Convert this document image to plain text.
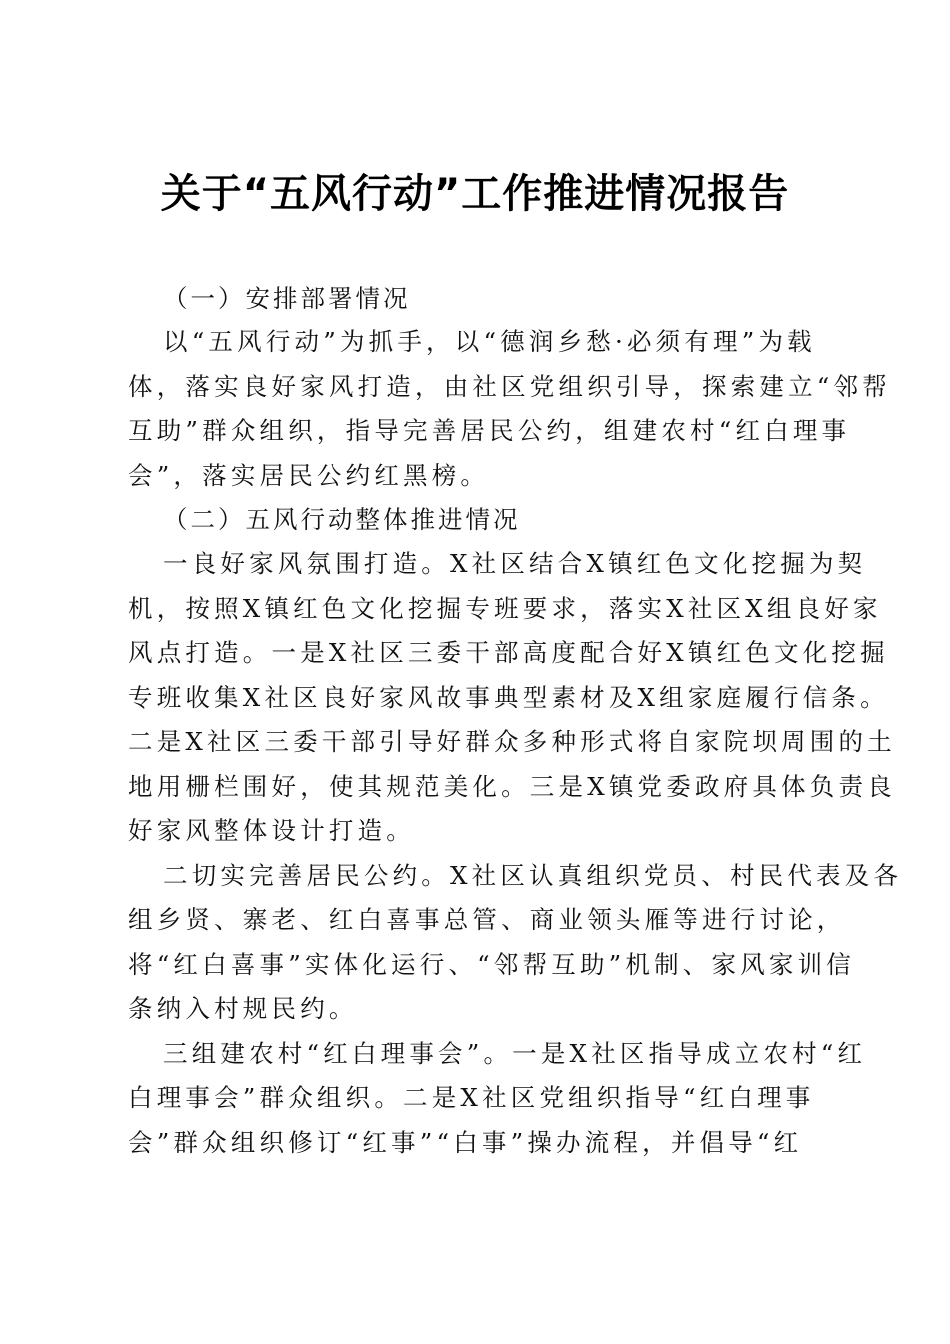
关于“五风行动”工作推进情况报告
（一）安排部署情况
以“五风行动”为抓手，以“德润乡愁·必须有理”为载
体，落实良好家风打造，由社区党组织引导，探索建立“邻帮
互助”群众组织，指导完善居民公约，组建农村“红白理事
会”，落实居民公约红黑榜。
（二）五风行动整体推进情况
一良好家风氛围打造。X社区结合X镇红色文化挖掘为契
机，按照X镇红色文化挖掘专班要求，落实X社区X组良好家
风点打造。一是X社区三委干部高度配合好X镇红色文化挖掘
专班收集X社区良好家风故事典型素材及X组家庭履行信条。
二是X社区三委干部引导好群众多种形式将自家院坝周围的土
地用栅栏围好，使其规范美化。三是X镇党委政府具体负责良
好家风整体设计打造。
二切实完善居民公约。X社区认真组织党员、村民代表及各
组乡贤、寨老、红白喜事总管、商业领头雁等进行讨论，
将“红白喜事”实体化运行、“邻帮互助”机制、家风家训信
条纳入村规民约。
三组建农村“红白理事会”。一是X社区指导成立农村“红
白理事会”群众组织。二是X社区党组织指导“红白理事
会”群众组织修订“红事”“白事”操办流程，并倡导“红
